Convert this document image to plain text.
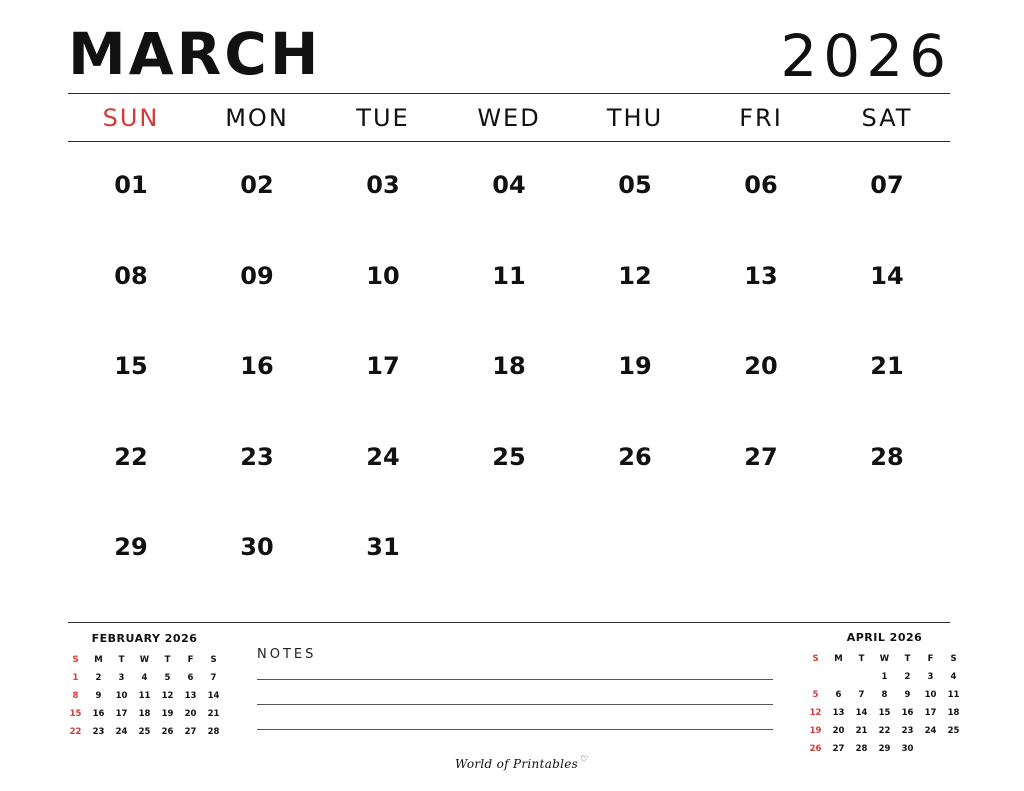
MARCH	2026
SUN	MON	TUE	WED	THU	FRI	SAT
01	02	03	04	05	06	07
08	09	10	11	12	13	14
15	16	17	18	19	20	21
22	23	24	25	26	27	28
29	30	31
FEBRUARY 2026
S	M	T	W	T	F	S
1	2	3	4	5	6	7
8	9	10	11	12	13	14
15	16	17	18	19	20	21
22	23	24	25	26	27	28
NOTES
APRIL 2026
S	M	T	W	T	F	S
			1	2	3	4
5	6	7	8	9	10	11
12	13	14	15	16	17	18
19	20	21	22	23	24	25
26	27	28	29	30		
World of Printables ♡
